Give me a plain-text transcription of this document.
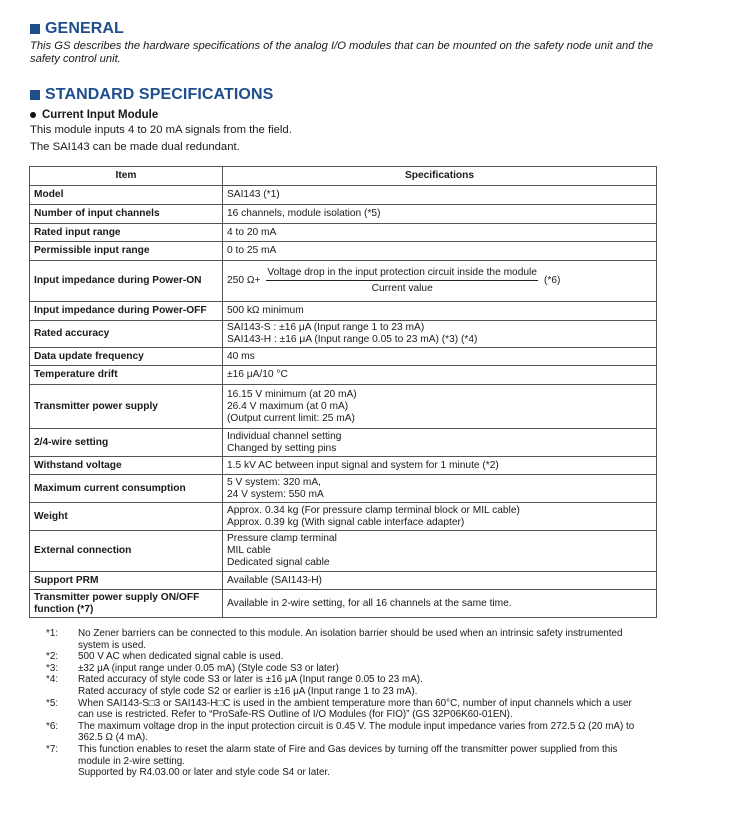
GENERAL
This GS describes the hardware specifications of the analog I/O modules that can be mounted on the safety node unit and the safety control unit.
STANDARD SPECIFICATIONS
Current Input Module
This module inputs 4 to 20 mA signals from the field.
The SAI143 can be made dual redundant.
Item	Specifications
Model	SAI143 (*1)

Number of input channels	16 channels, module isolation (*5)

Rated input range	4 to 20 mA

Permissible input range	0 to 25 mA

Input impedance during Power-ON	250 Ω+
Voltage drop in the input protection circuit inside the module
Current value
(*6)

Input impedance during Power-OFF	500 kΩ minimum

Rated accuracy	SAI143-S : ±16 μA (Input range 1 to 23 mA)
SAI143-H : ±16 μA (Input range 0.05 to 23 mA) (*3) (*4)

Data update frequency	40 ms

Temperature drift	±16 μA/10 °C

Transmitter power supply	16.15 V minimum (at 20 mA)
26.4 V maximum (at 0 mA)
(Output current limit: 25 mA)

2/4-wire setting	Individual channel setting
Changed by setting pins

Withstand voltage	1.5 kV AC between input signal and system for 1 minute (*2)

Maximum current consumption	5 V system: 320 mA,
24 V system: 550 mA

Weight	Approx. 0.34 kg (For pressure clamp terminal block or MIL cable)
Approx. 0.39 kg (With signal cable interface adapter)

External connection	Pressure clamp terminal
MIL cable
Dedicated signal cable

Support PRM	Available (SAI143-H)

Transmitter power supply ON/OFF function (*7)	Available in 2-wire setting, for all 16 channels at the same time.
*1:	No Zener barriers can be connected to this module. An isolation barrier should be used when an intrinsic safety instrumented system is used.
*2:	500 V AC when dedicated signal cable is used.
*3:	±32 μA (input range under 0.05 mA) (Style code S3 or later)
*4:	Rated accuracy of style code S3 or later is ±16 μA (Input range 0.05 to 23 mA).
Rated accuracy of style code S2 or earlier is ±16 μA (Input range 1 to 23 mA).
*5:	When SAI143-S□3 or SAI143-H□C is used in the ambient temperature more than 60°C, number of input channels which a user can use is restricted. Refer to “ProSafe-RS Outline of I/O Modules (for FIO)” (GS 32P06K60-01EN).
*6:	The maximum voltage drop in the input protection circuit is 0.45 V. The module input impedance varies from 272.5 Ω (20 mA) to 362.5 Ω (4 mA).
*7:	This function enables to reset the alarm state of Fire and Gas devices by turning off the transmitter power supplied from this module in 2-wire setting.
Supported by R4.03.00 or later and style code S4 or later.
